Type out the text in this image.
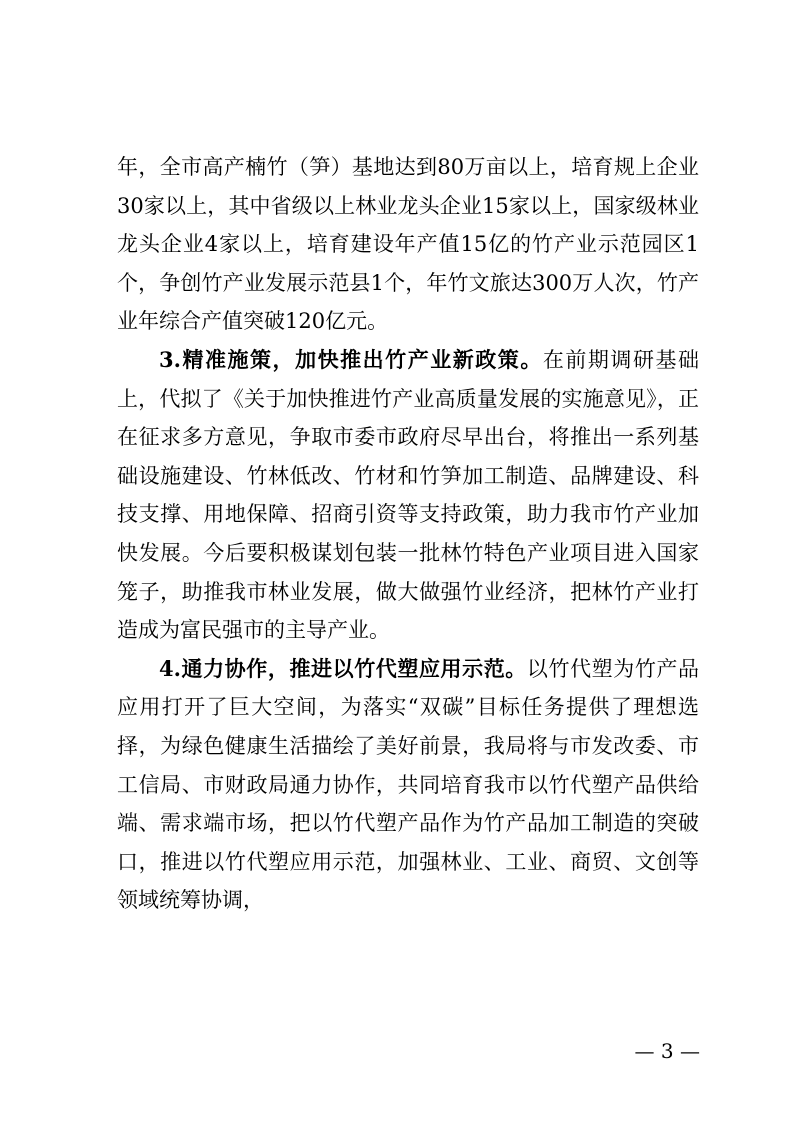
年，全市高产楠竹（笋）基地达到80万亩以上，培育规上企业30家以上，其中省级以上林业龙头企业15家以上，国家级林业龙头企业4家以上，培育建设年产值15亿的竹产业示范园区1个，争创竹产业发展示范县1个，年竹文旅达300万人次，竹产业年综合产值突破120亿元。

3.精准施策，加快推出竹产业新政策。在前期调研基础上，代拟了《关于加快推进竹产业高质量发展的实施意见》，正在征求多方意见，争取市委市政府尽早出台，将推出一系列基础设施建设、竹林低改、竹材和竹笋加工制造、品牌建设、科技支撑、用地保障、招商引资等支持政策，助力我市竹产业加快发展。今后要积极谋划包装一批林竹特色产业项目进入国家笼子，助推我市林业发展，做大做强竹业经济，把林竹产业打造成为富民强市的主导产业。

4.通力协作，推进以竹代塑应用示范。以竹代塑为竹产品应用打开了巨大空间，为落实“双碳”目标任务提供了理想选择，为绿色健康生活描绘了美好前景，我局将与市发改委、市工信局、市财政局通力协作，共同培育我市以竹代塑产品供给端、需求端市场，把以竹代塑产品作为竹产品加工制造的突破口，推进以竹代塑应用示范，加强林业、工业、商贸、文创等领域统筹协调，

— 3 —
